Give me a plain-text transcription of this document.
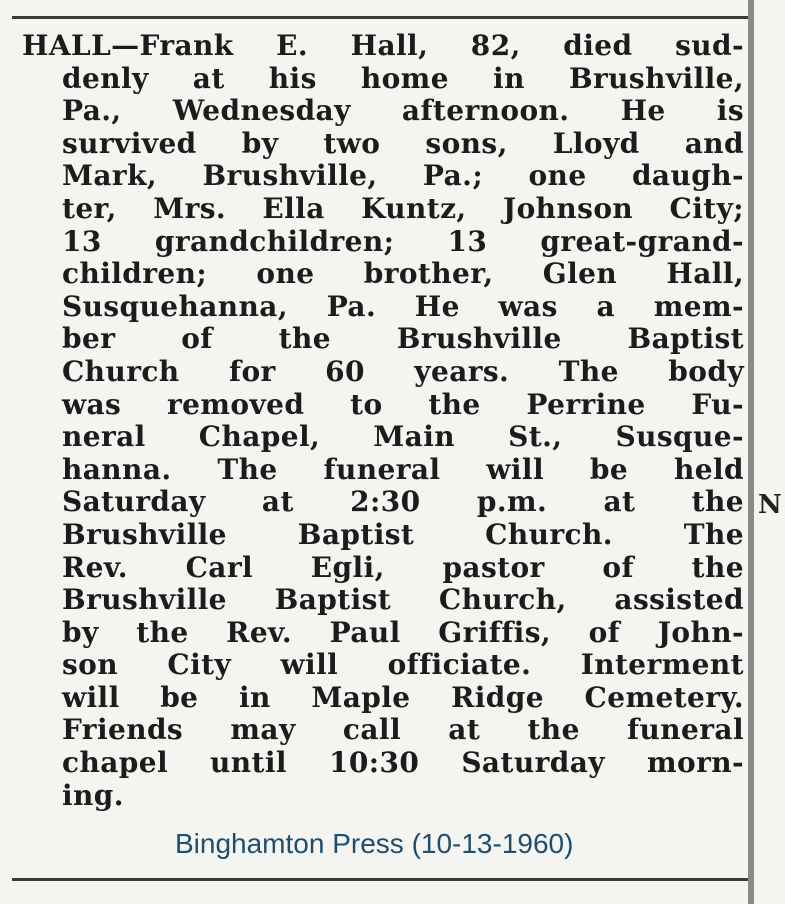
N
HALL—Frank E. Hall, 82, died sud-
denly at his home in Brushville,
Pa., Wednesday afternoon. He is
survived by two sons, Lloyd and
Mark, Brushville, Pa.; one daugh-
ter, Mrs. Ella Kuntz, Johnson City;
13 grandchildren; 13 great-grand-
children; one brother, Glen Hall,
Susquehanna, Pa. He was a mem-
ber of the Brushville Baptist
Church for 60 years. The body
was removed to the Perrine Fu-
neral Chapel, Main St., Susque-
hanna. The funeral will be held
Saturday at 2:30 p.m. at the
Brushville Baptist Church. The
Rev. Carl Egli, pastor of the
Brushville Baptist Church, assisted
by the Rev. Paul Griffis, of John-
son City will officiate. Interment
will be in Maple Ridge Cemetery.
Friends may call at the funeral
chapel until 10:30 Saturday morn-
ing.
Binghamton Press (10-13-1960)
